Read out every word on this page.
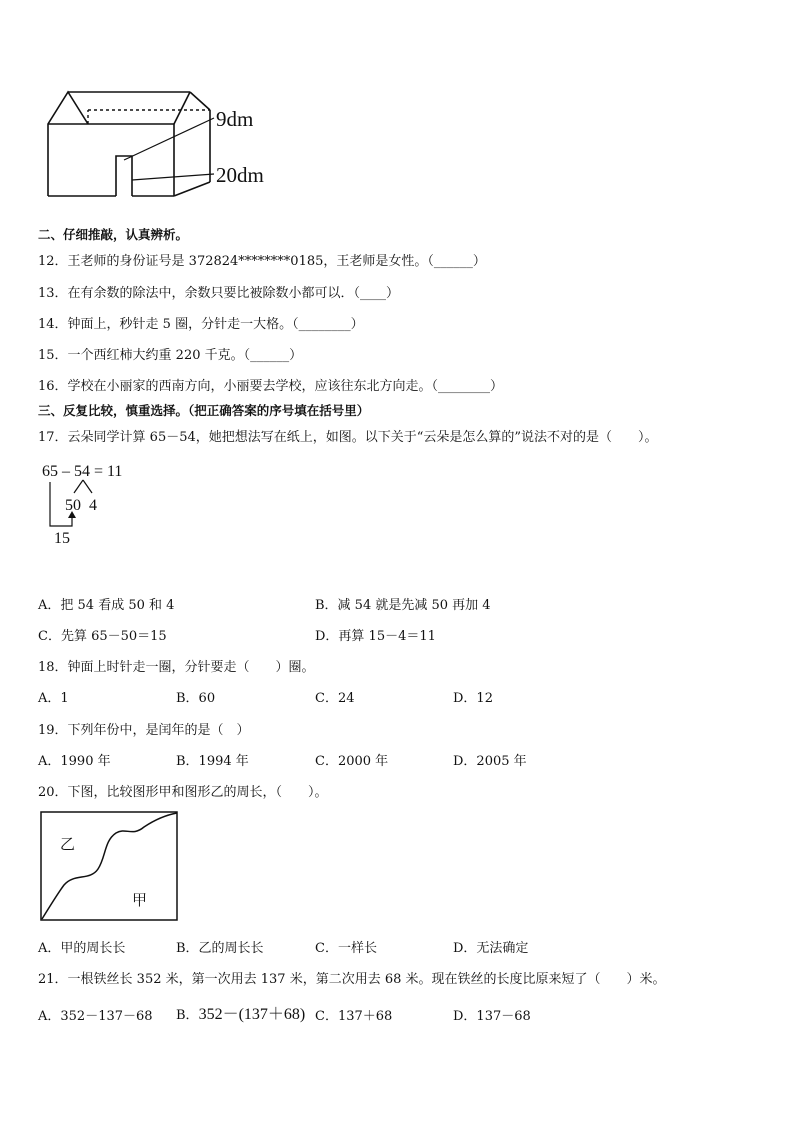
9dm
20dm
二、仔细推敲，认真辨析。
12．王老师的身份证号是 372824********0185，王老师是女性。（______）
13．在有余数的除法中，余数只要比被除数小都可以．（____）
14．钟面上，秒针走 5 圈，分针走一大格。（________）
15．一个西红柿大约重 220 千克。（______）
16．学校在小丽家的西南方向，小丽要去学校，应该往东北方向走。（________）
三、反复比较，慎重选择。（把正确答案的序号填在括号里）
17．云朵同学计算 65－54，她把想法写在纸上，如图。以下关于“云朵是怎么算的”说法不对的是（　　）。
65 – 54 = 11
50 4
15
A．把 54 看成 50 和 4	B．减 54 就是先减 50 再加 4
C．先算 65－50＝15	D．再算 15－4＝11
18．钟面上时针走一圈，分针要走（　　）圈。
A．1	B．60	C．24	D．12
19．下列年份中，是闰年的是（　）
A．1990 年	B．1994 年	C．2000 年	D．2005 年
20．下图，比较图形甲和图形乙的周长，（　　）。
乙
甲
A．甲的周长长	B．乙的周长长	C．一样长	D．无法确定
21．一根铁丝长 352 米，第一次用去 137 米，第二次用去 68 米。现在铁丝的长度比原来短了（　　）米。
A．352－137－68 B．352－(137＋68) C．137＋68	D．137－68
